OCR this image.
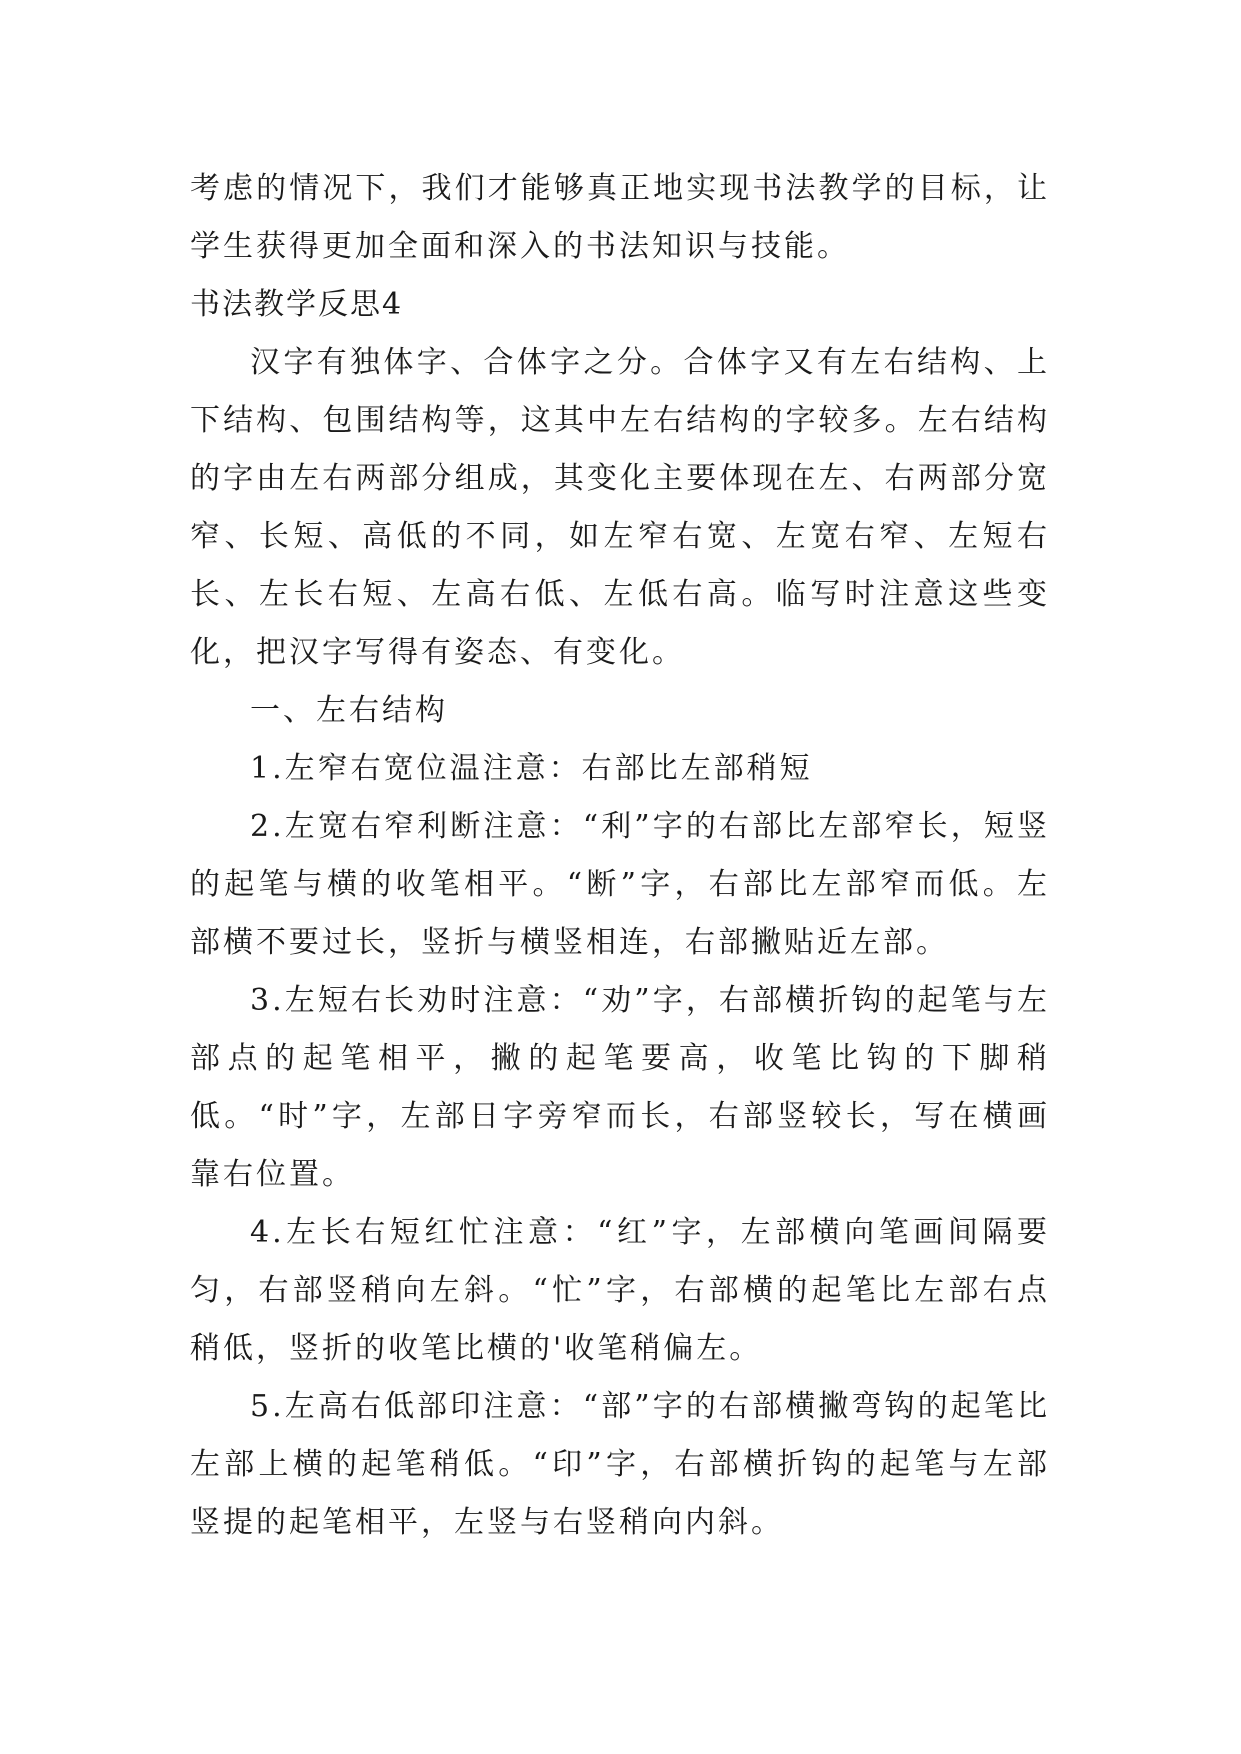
考虑的情况下，我们才能够真正地实现书法教学的目标，让学生获得更加全面和深入的书法知识与技能。

书法教学反思4

汉字有独体字、合体字之分。合体字又有左右结构、上下结构、包围结构等，这其中左右结构的字较多。左右结构的字由左右两部分组成，其变化主要体现在左、右两部分宽窄、长短、高低的不同，如左窄右宽、左宽右窄、左短右长、左长右短、左高右低、左低右高。临写时注意这些变化，把汉字写得有姿态、有变化。

一、左右结构

1.左窄右宽位温注意：右部比左部稍短

2.左宽右窄利断注意：“利”字的右部比左部窄长，短竖的起笔与横的收笔相平。“断”字，右部比左部窄而低。左部横不要过长，竖折与横竖相连，右部撇贴近左部。

3.左短右长劝时注意：“劝”字，右部横折钩的起笔与左部点的起笔相平，撇的起笔要高，收笔比钩的下脚稍低。“时”字，左部日字旁窄而长，右部竖较长，写在横画靠右位置。

4.左长右短红忙注意：“红”字，左部横向笔画间隔要匀，右部竖稍向左斜。“忙”字，右部横的起笔比左部右点稍低，竖折的收笔比横的'收笔稍偏左。

5.左高右低部印注意：“部”字的右部横撇弯钩的起笔比左部上横的起笔稍低。“印”字，右部横折钩的起笔与左部竖提的起笔相平，左竖与右竖稍向内斜。
